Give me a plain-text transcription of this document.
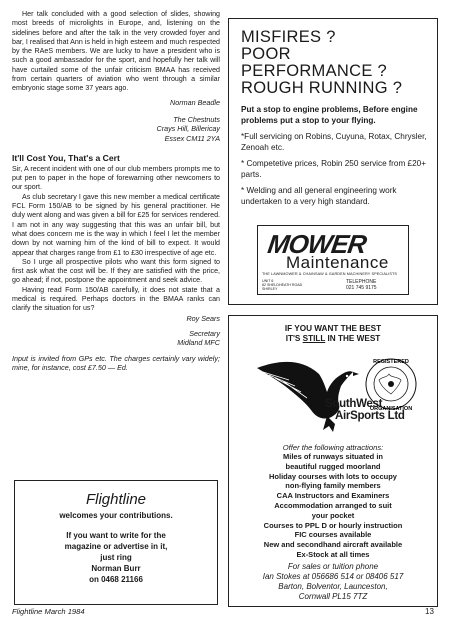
Her talk concluded with a good selection of slides, showing most breeds of microlights in Europe, and, listening on the sidelines before and after the talk in the very crowded foyer and bar, I realised that Ann is held in high esteem and much respected by the RAeS members. We are lucky to have a president who is such a good ambassador for the sport, and hopefully her talk will have curtailed some of the unfair criticism BMAA has received from certain quarters of aviation who went through a similar embryonic stage some 37 years ago.

Norman Beadle

The Chestnuts

Crays Hill, Billericay

Essex CM11 2YA

It'll Cost You, That's a Cert

Sir, A recent incident with one of our club members prompts me to put pen to paper in the hope of forewarning other newcomers to our sport.

As club secretary I gave this new member a medical certificate FCL Form 150/AB to be signed by his general practitioner. He duly went along and was given a bill for £25 for services rendered. I am not in any way suggesting that this was an unfair bill, but what does concern me is the way in which I feel I let the member down by not warning him of the kind of bill to expect. It would appear that charges range from £1 to £30 irrespective of age etc.

So I urge all prospective pilots who want this form signed to first ask what the cost will be. If they are satisfied with the price, go ahead; if not, postpone the appointment and seek advice.

Having read Form 150/AB carefully, it does not state that a medical is required. Perhaps doctors in the BMAA ranks can clarify the situation for us?

Roy Sears

Secretary

Midland MFC

Input is invited from GPs etc. The charges certainly vary widely; mine, for instance, cost £7.50 — Ed.

Flightline
welcomes your contributions.
If you want to write for the
magazine or advertise in it,
just ring
Norman Burr
on 0468 21166
MISFIRES ?
POOR
PERFORMANCE ?
ROUGH RUNNING ?
Put a stop to engine problems, Before engine problems put a stop to your flying.
*Full servicing on Robins, Cuyuna, Rotax, Chrysler, Zenoah etc.
* Competetive prices, Robin 250 service from £20+ parts.
* Welding and all general engineering work undertaken to a very high standard.
MOWER
Maintenance
THE LAWNMOWER & CHAINSAW & GARDEN MACHINERY SPECIALISTS
UNIT 6
82 SHELDHEATH ROAD
SHIRLEY
TELEPHONE
021 745 9175
IF YOU WANT THE BEST
IT'S STILL IN THE WEST
REGISTERED
ORGANISATION
SouthWest
AirSports Ltd
Offer the following attractions:
Miles of runways situated in
beautiful rugged moorland
Holiday courses with lots to occupy
non-flying family members
CAA Instructors and Examiners
Accommodation arranged to suit
your pocket
Courses to PPL D or hourly instruction
FIC courses available
New and secondhand aircraft available
Ex-Stock at all times
For sales or tuition phone
Ian Stokes at 056686 514 or 08406 517
Barton, Bolventor, Launceston,
Cornwall PL15 7TZ
Flightline March 1984	13
